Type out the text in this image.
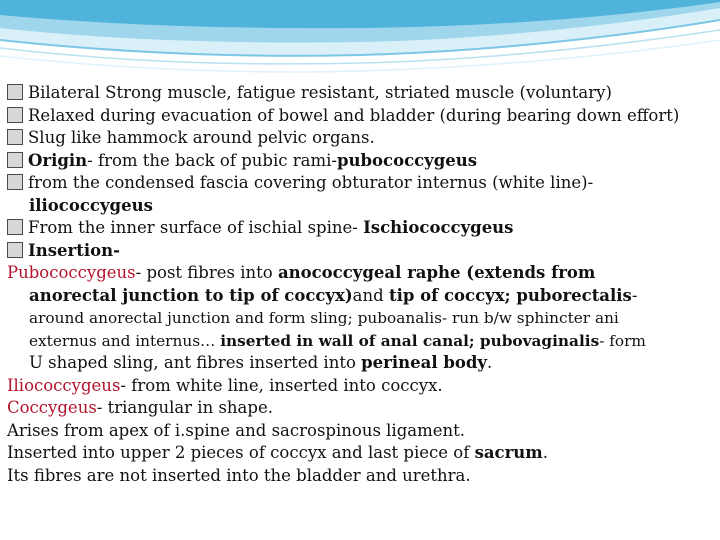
Bilateral Strong muscle, fatigue resistant, striated muscle (voluntary)
Relaxed during evacuation of bowel and bladder (during bearing down effort)
Slug like hammock around pelvic organs.
Origin- from the back of pubic rami-pubococcygeus
from the condensed fascia covering obturator internus (white line)-
iliococcygeus
From the inner surface of ischial spine- Ischiococcygeus
Insertion-
Pubococcygeus- post fibres into anococcygeal raphe (extends from
anorectal junction to tip of coccyx)and tip of coccyx; puborectalis-
around anorectal junction and form sling; puboanalis- run b/w sphincter ani
externus and internus… inserted in wall of anal canal; pubovaginalis- form
U shaped sling, ant fibres inserted into perineal body.
Iliococcygeus- from white line, inserted into coccyx.
Coccygeus- triangular in shape.
Arises from apex of i.spine and sacrospinous ligament.
Inserted into upper 2 pieces of coccyx and last piece of sacrum.
Its fibres are not inserted into the bladder and urethra.
